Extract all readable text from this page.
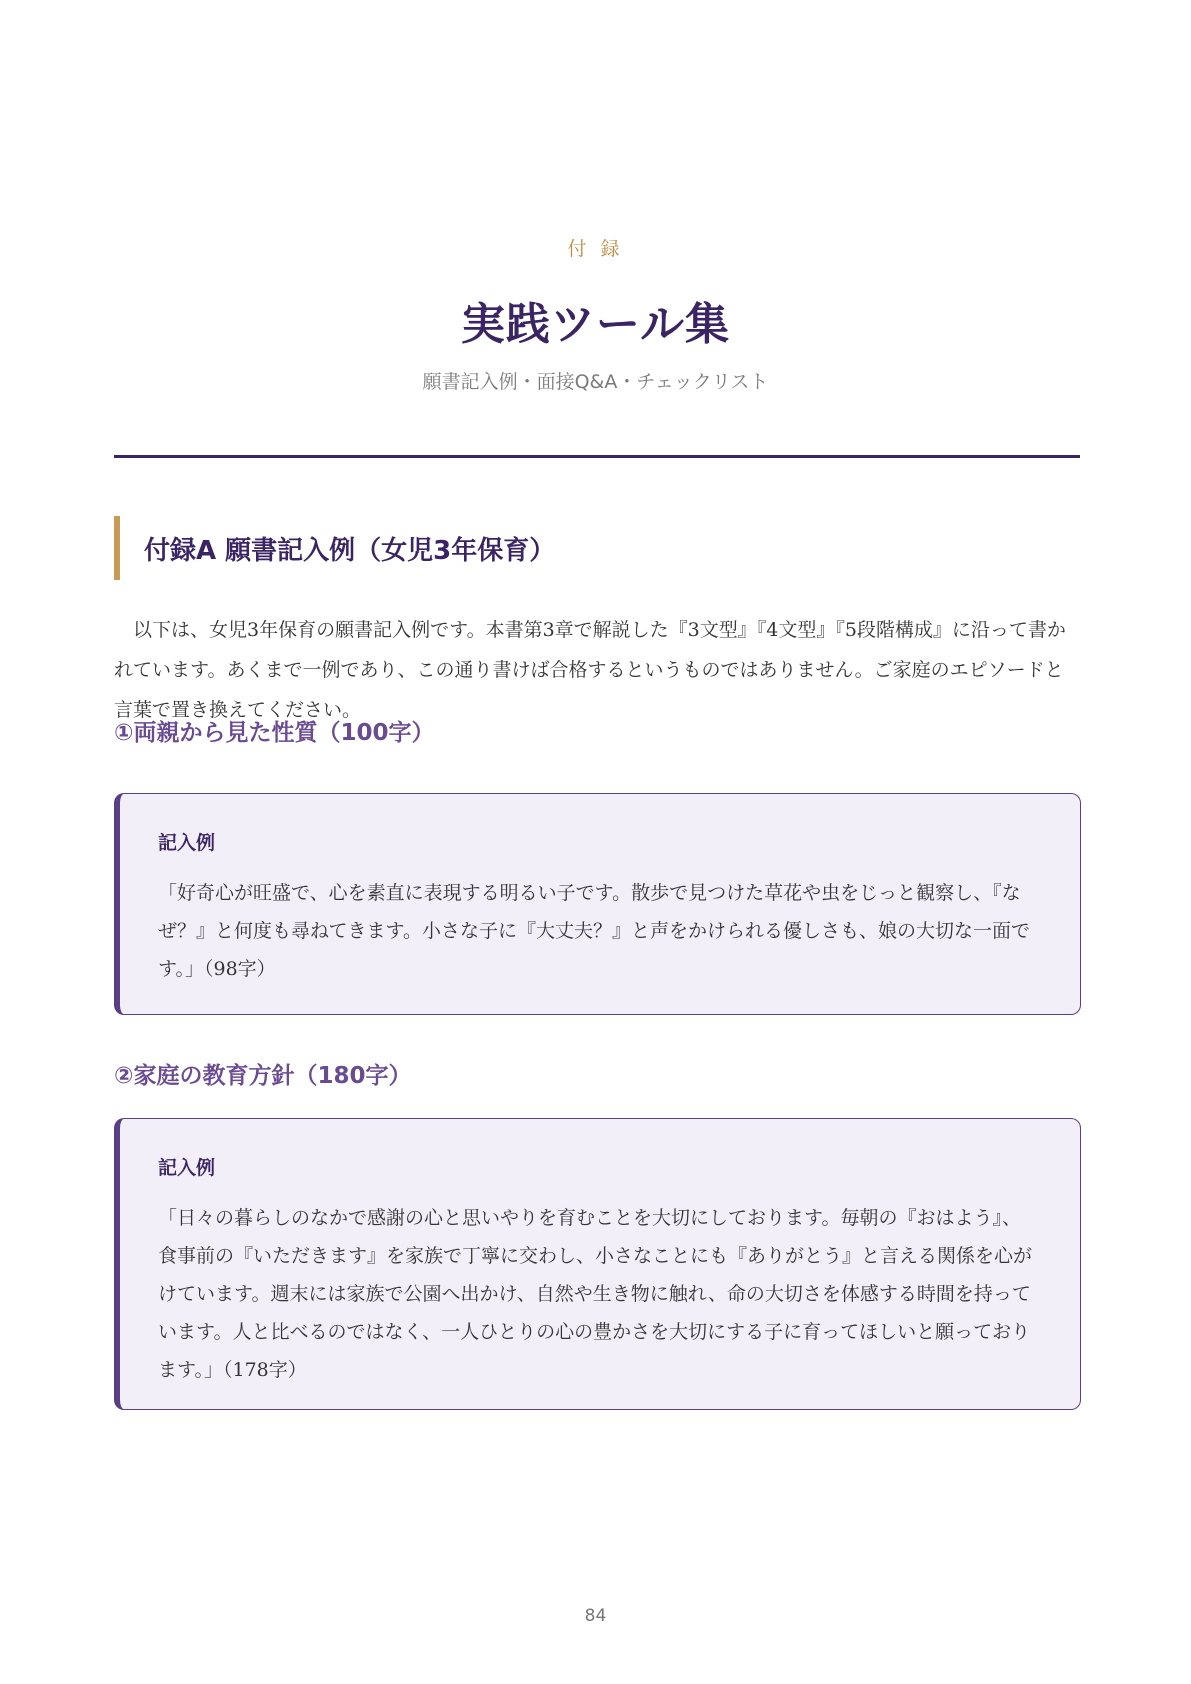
付 録
実践ツール集
願書記入例・面接Q&A・チェックリスト
付録A 願書記入例（女児3年保育）

以下は、女児3年保育の願書記入例です。本書第3章で解説した『3文型』『4文型』『5段階構成』に沿って書かれています。あくまで一例であり、この通り書けば合格するというものではありません。ご家庭のエピソードと言葉で置き換えてください。

①両親から見た性質（100字）
記入例
「好奇心が旺盛で、心を素直に表現する明るい子です。散歩で見つけた草花や虫をじっと観察し、『なぜ？』と何度も尋ねてきます。小さな子に『大丈夫？』と声をかけられる優しさも、娘の大切な一面です。」（98字）
②家庭の教育方針（180字）
記入例
「日々の暮らしのなかで感謝の心と思いやりを育むことを大切にしております。毎朝の『おはよう』、食事前の『いただきます』を家族で丁寧に交わし、小さなことにも『ありがとう』と言える関係を心がけています。週末には家族で公園へ出かけ、自然や生き物に触れ、命の大切さを体感する時間を持っています。人と比べるのではなく、一人ひとりの心の豊かさを大切にする子に育ってほしいと願っております。」（178字）
84
